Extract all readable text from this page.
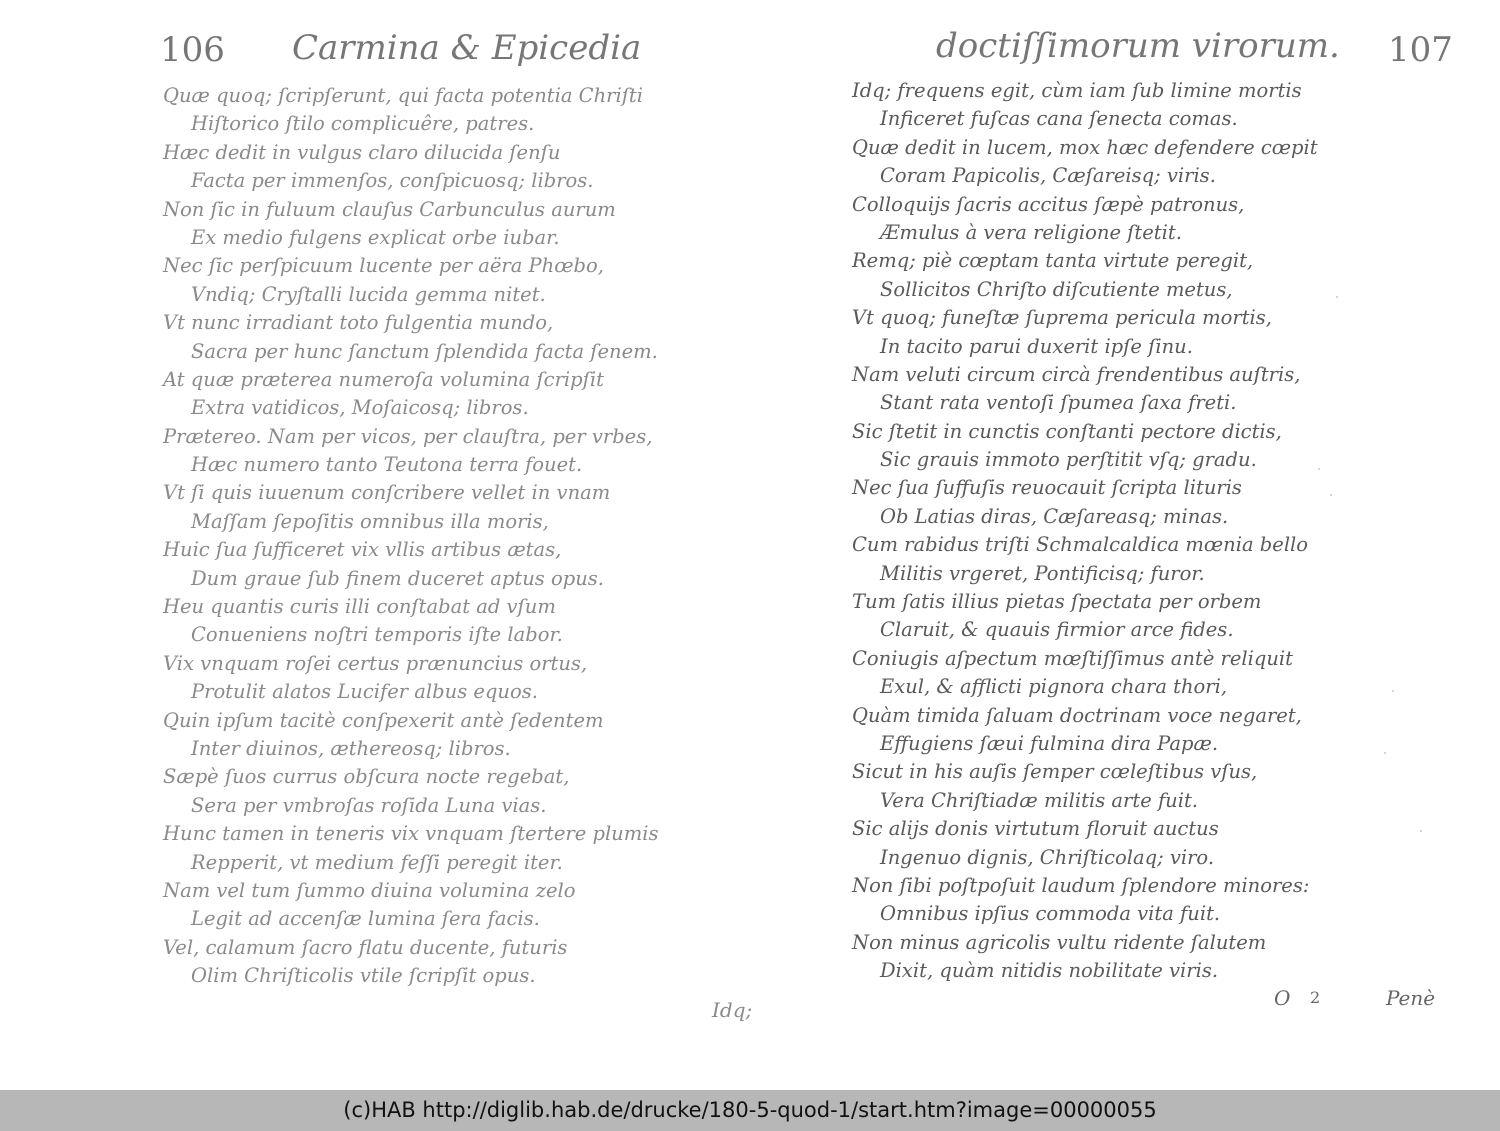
106 Carmina & Epicedia
Quæ quoq; ſcripſerunt, qui facta potentia Chriſti
Hiſtorico ſtilo complicuêre, patres.
Hæc dedit in vulgus claro dilucida ſenſu
Facta per immenſos, conſpicuosq; libros.
Non ſic in fuluum clauſus Carbunculus aurum
Ex medio fulgens explicat orbe iubar.
Nec ſic perſpicuum lucente per aëra Phœbo,
Vndiq; Cryſtalli lucida gemma nitet.
Vt nunc irradiant toto fulgentia mundo,
Sacra per hunc ſanctum ſplendida facta ſenem.
At quæ præterea numeroſa volumina ſcripſit
Extra vatidicos, Moſaicosq; libros.
Prætereo. Nam per vicos, per clauſtra, per vrbes,
Hæc numero tanto Teutona terra fouet.
Vt ſi quis iuuenum conſcribere vellet in vnam
Maſſam ſepoſitis omnibus illa moris,
Huic ſua ſufficeret vix vllis artibus ætas,
Dum graue ſub finem duceret aptus opus.
Heu quantis curis illi conſtabat ad vſum
Conueniens noſtri temporis iſte labor.
Vix vnquam roſei certus prænuncius ortus,
Protulit alatos Lucifer albus equos.
Quin ipſum tacitè conſpexerit antè ſedentem
Inter diuinos, æthereosq; libros.
Sæpè ſuos currus obſcura nocte regebat,
Sera per vmbroſas roſida Luna vias.
Hunc tamen in teneris vix vnquam ſtertere plumis
Repperit, vt medium feſſi peregit iter.
Nam vel tum ſummo diuina volumina zelo
Legit ad accenſæ lumina ſera facis.
Vel, calamum ſacro flatu ducente, futuris
Olim Chriſticolis vtile ſcripſit opus.
Idq;
doctiſſimorum virorum. 107
Idq; frequens egit, cùm iam ſub limine mortis
Inficeret fuſcas cana ſenecta comas.
Quæ dedit in lucem, mox hæc defendere cœpit
Coram Papicolis, Cæſareisq; viris.
Colloquijs ſacris accitus ſæpè patronus,
Æmulus à vera religione ſtetit.
Remq; piè cœptam tanta virtute peregit,
Sollicitos Chriſto diſcutiente metus,
Vt quoq; funeſtæ ſuprema pericula mortis,
In tacito parui duxerit ipſe ſinu.
Nam veluti circum circà frendentibus auſtris,
Stant rata ventoſi ſpumea ſaxa freti.
Sic ſtetit in cunctis conſtanti pectore dictis,
Sic grauis immoto perſtitit vſq; gradu.
Nec ſua ſuffuſis reuocauit ſcripta lituris
Ob Latias diras, Cæſareasq; minas.
Cum rabidus triſti Schmalcaldica mœnia bello
Militis vrgeret, Pontificisq; furor.
Tum ſatis illius pietas ſpectata per orbem
Claruit, & quauis firmior arce fides.
Coniugis aſpectum mœſtiſſimus antè reliquit
Exul, & afflicti pignora chara thori,
Quàm timida ſaluam doctrinam voce negaret,
Effugiens ſæui fulmina dira Papæ.
Sicut in his auſis ſemper cœleſtibus vſus,
Vera Chriſtiadæ militis arte fuit.
Sic alijs donis virtutum floruit auctus
Ingenuo dignis, Chriſticolaq; viro.
Non ſibi poſtpoſuit laudum ſplendore minores:
Omnibus ipſius commoda vita fuit.
Non minus agricolis vultu ridente ſalutem
Dixit, quàm nitidis nobilitate viris.
O 2	Penè
(c)HAB http://diglib.hab.de/drucke/180-5-quod-1/start.htm?image=00000055
